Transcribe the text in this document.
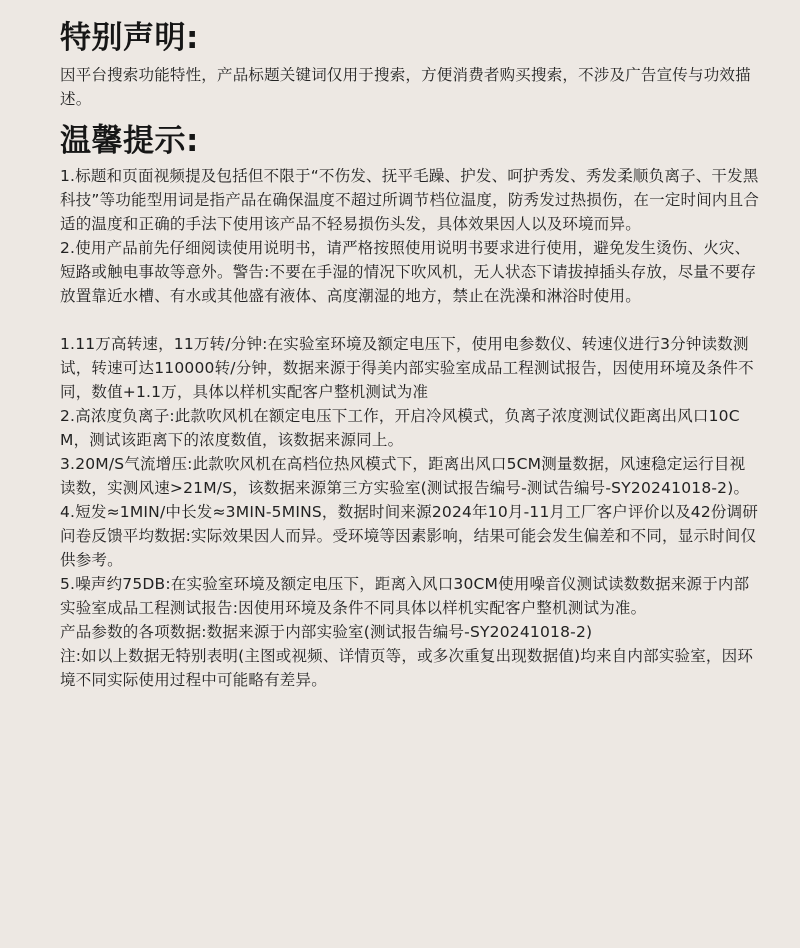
特别声明:

因平台搜索功能特性，产品标题关键词仅用于搜索，方便消费者购买搜索，不涉及广告宣传与功效描述。

温馨提示:

1.标题和页面视频提及包括但不限于“不伤发、抚平毛躁、护发、呵护秀发、秀发柔顺负离子、干发黑科技”等功能型用词是指产品在确保温度不超过所调节档位温度，防秀发过热损伤，在一定时间内且合适的温度和正确的手法下使用该产品不轻易损伤头发，具体效果因人以及环境而异。

2.使用产品前先仔细阅读使用说明书，请严格按照使用说明书要求进行使用，避免发生烫伤、火灾、短路或触电事故等意外。警告:不要在手湿的情况下吹风机，无人状态下请拔掉插头存放，尽量不要存放置靠近水槽、有水或其他盛有液体、高度潮湿的地方，禁止在洗澡和淋浴时使用。

1.11万高转速，11万转/分钟:在实验室环境及额定电压下，使用电参数仪、转速仪进行3分钟读数测试，转速可达110000转/分钟，数据来源于得美内部实验室成品工程测试报告，因使用环境及条件不同，数值+1.1万，具体以样机实配客户整机测试为准

2.高浓度负离子:此款吹风机在额定电压下工作，开启冷风模式，负离子浓度测试仪距离出风口10CM，测试该距离下的浓度数值，该数据来源同上。

3.20M/S气流增压:此款吹风机在高档位热风模式下，距离出风口5CM测量数据，风速稳定运行目视读数，实测风速>21M/S，该数据来源第三方实验室(测试报告编号-测试告编号-SY20241018-2)。

4.短发≈1MIN/中长发≈3MIN-5MINS，数据时间来源2024年10月-11月工厂客户评价以及42份调研问卷反馈平均数据:实际效果因人而异。受环境等因素影响，结果可能会发生偏差和不同，显示时间仅供参考。

5.噪声约75DB:在实验室环境及额定电压下，距离入风口30CM使用噪音仪测试读数数据来源于内部实验室成品工程测试报告:因使用环境及条件不同具体以样机实配客户整机测试为准。

产品参数的各项数据:数据来源于内部实验室(测试报告编号-SY20241018-2)

注:如以上数据无特别表明(主图或视频、详情页等，或多次重复出现数据值)均来自内部实验室，因环境不同实际使用过程中可能略有差异。
